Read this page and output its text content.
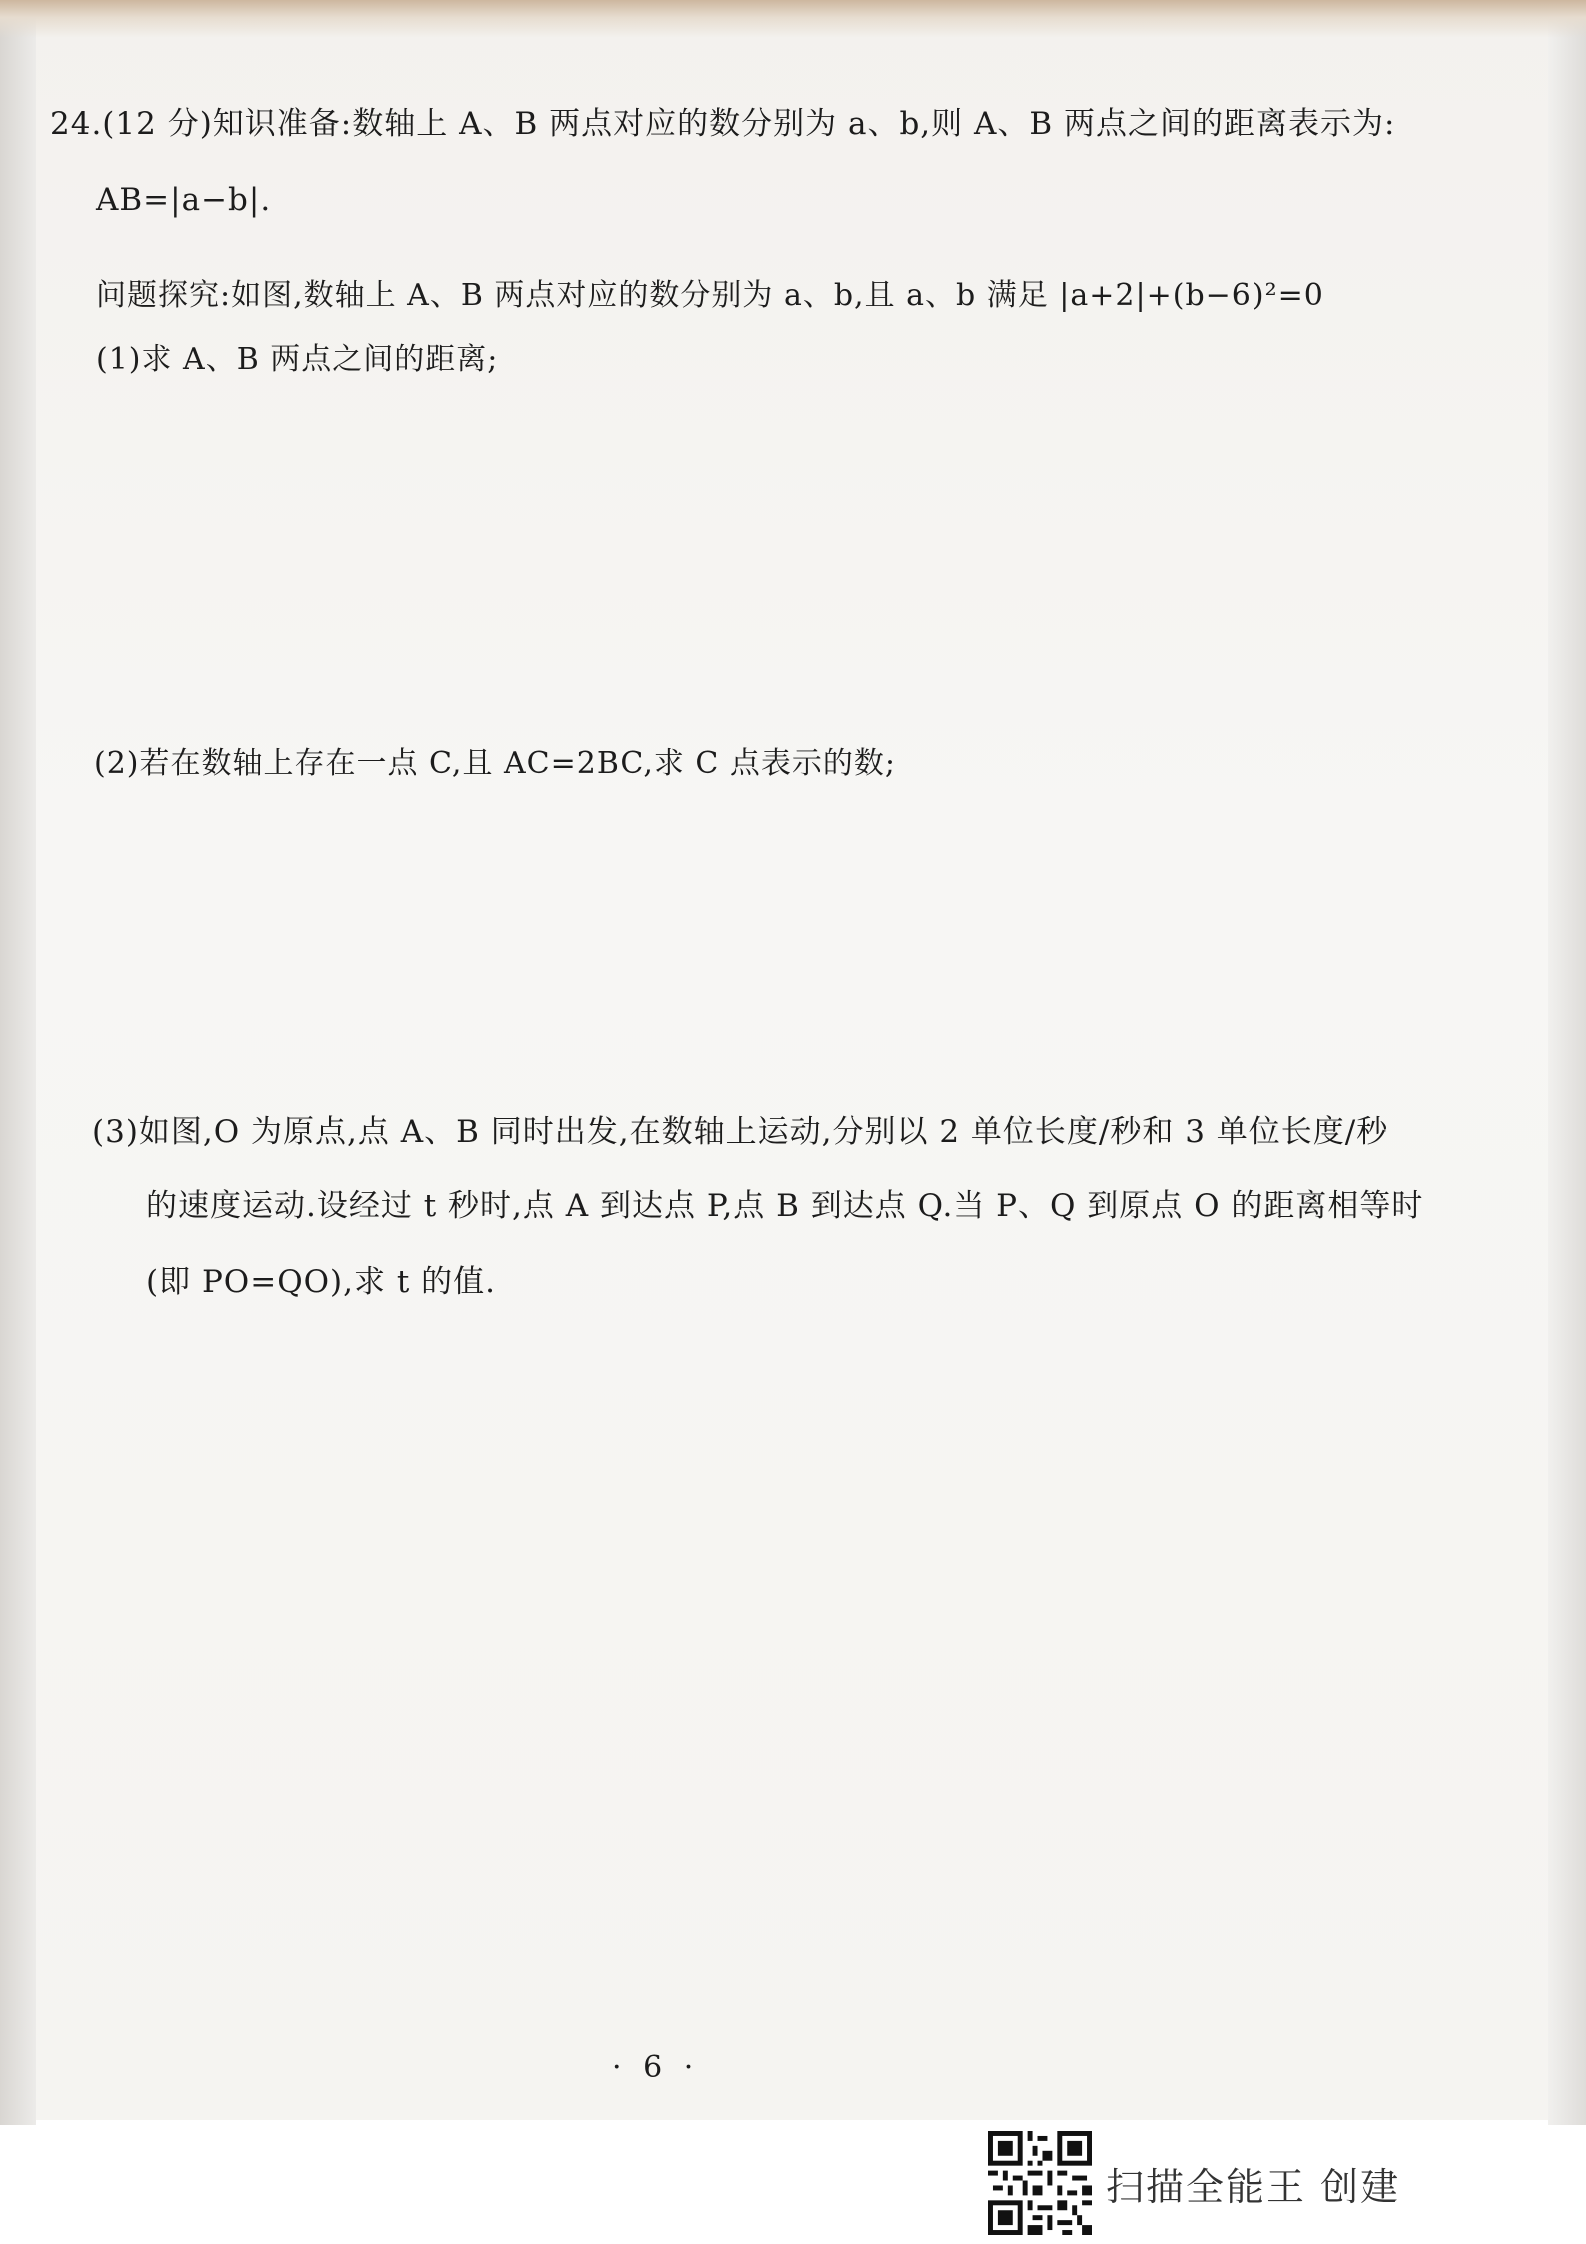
24.(12 分)知识准备:数轴上 A、B 两点对应的数分别为 a、b,则 A、B 两点之间的距离表示为:
AB=|a−b|.
问题探究:如图,数轴上 A、B 两点对应的数分别为 a、b,且 a、b 满足 |a+2|+(b−6)²=0
(1)求 A、B 两点之间的距离;
(2)若在数轴上存在一点 C,且 AC=2BC,求 C 点表示的数;
(3)如图,O 为原点,点 A、B 同时出发,在数轴上运动,分别以 2 单位长度/秒和 3 单位长度/秒
的速度运动.设经过 t 秒时,点 A 到达点 P,点 B 到达点 Q.当 P、Q 到原点 O 的距离相等时
(即 PO=QO),求 t 的值.
· 6 ·
扫描全能王 创建
